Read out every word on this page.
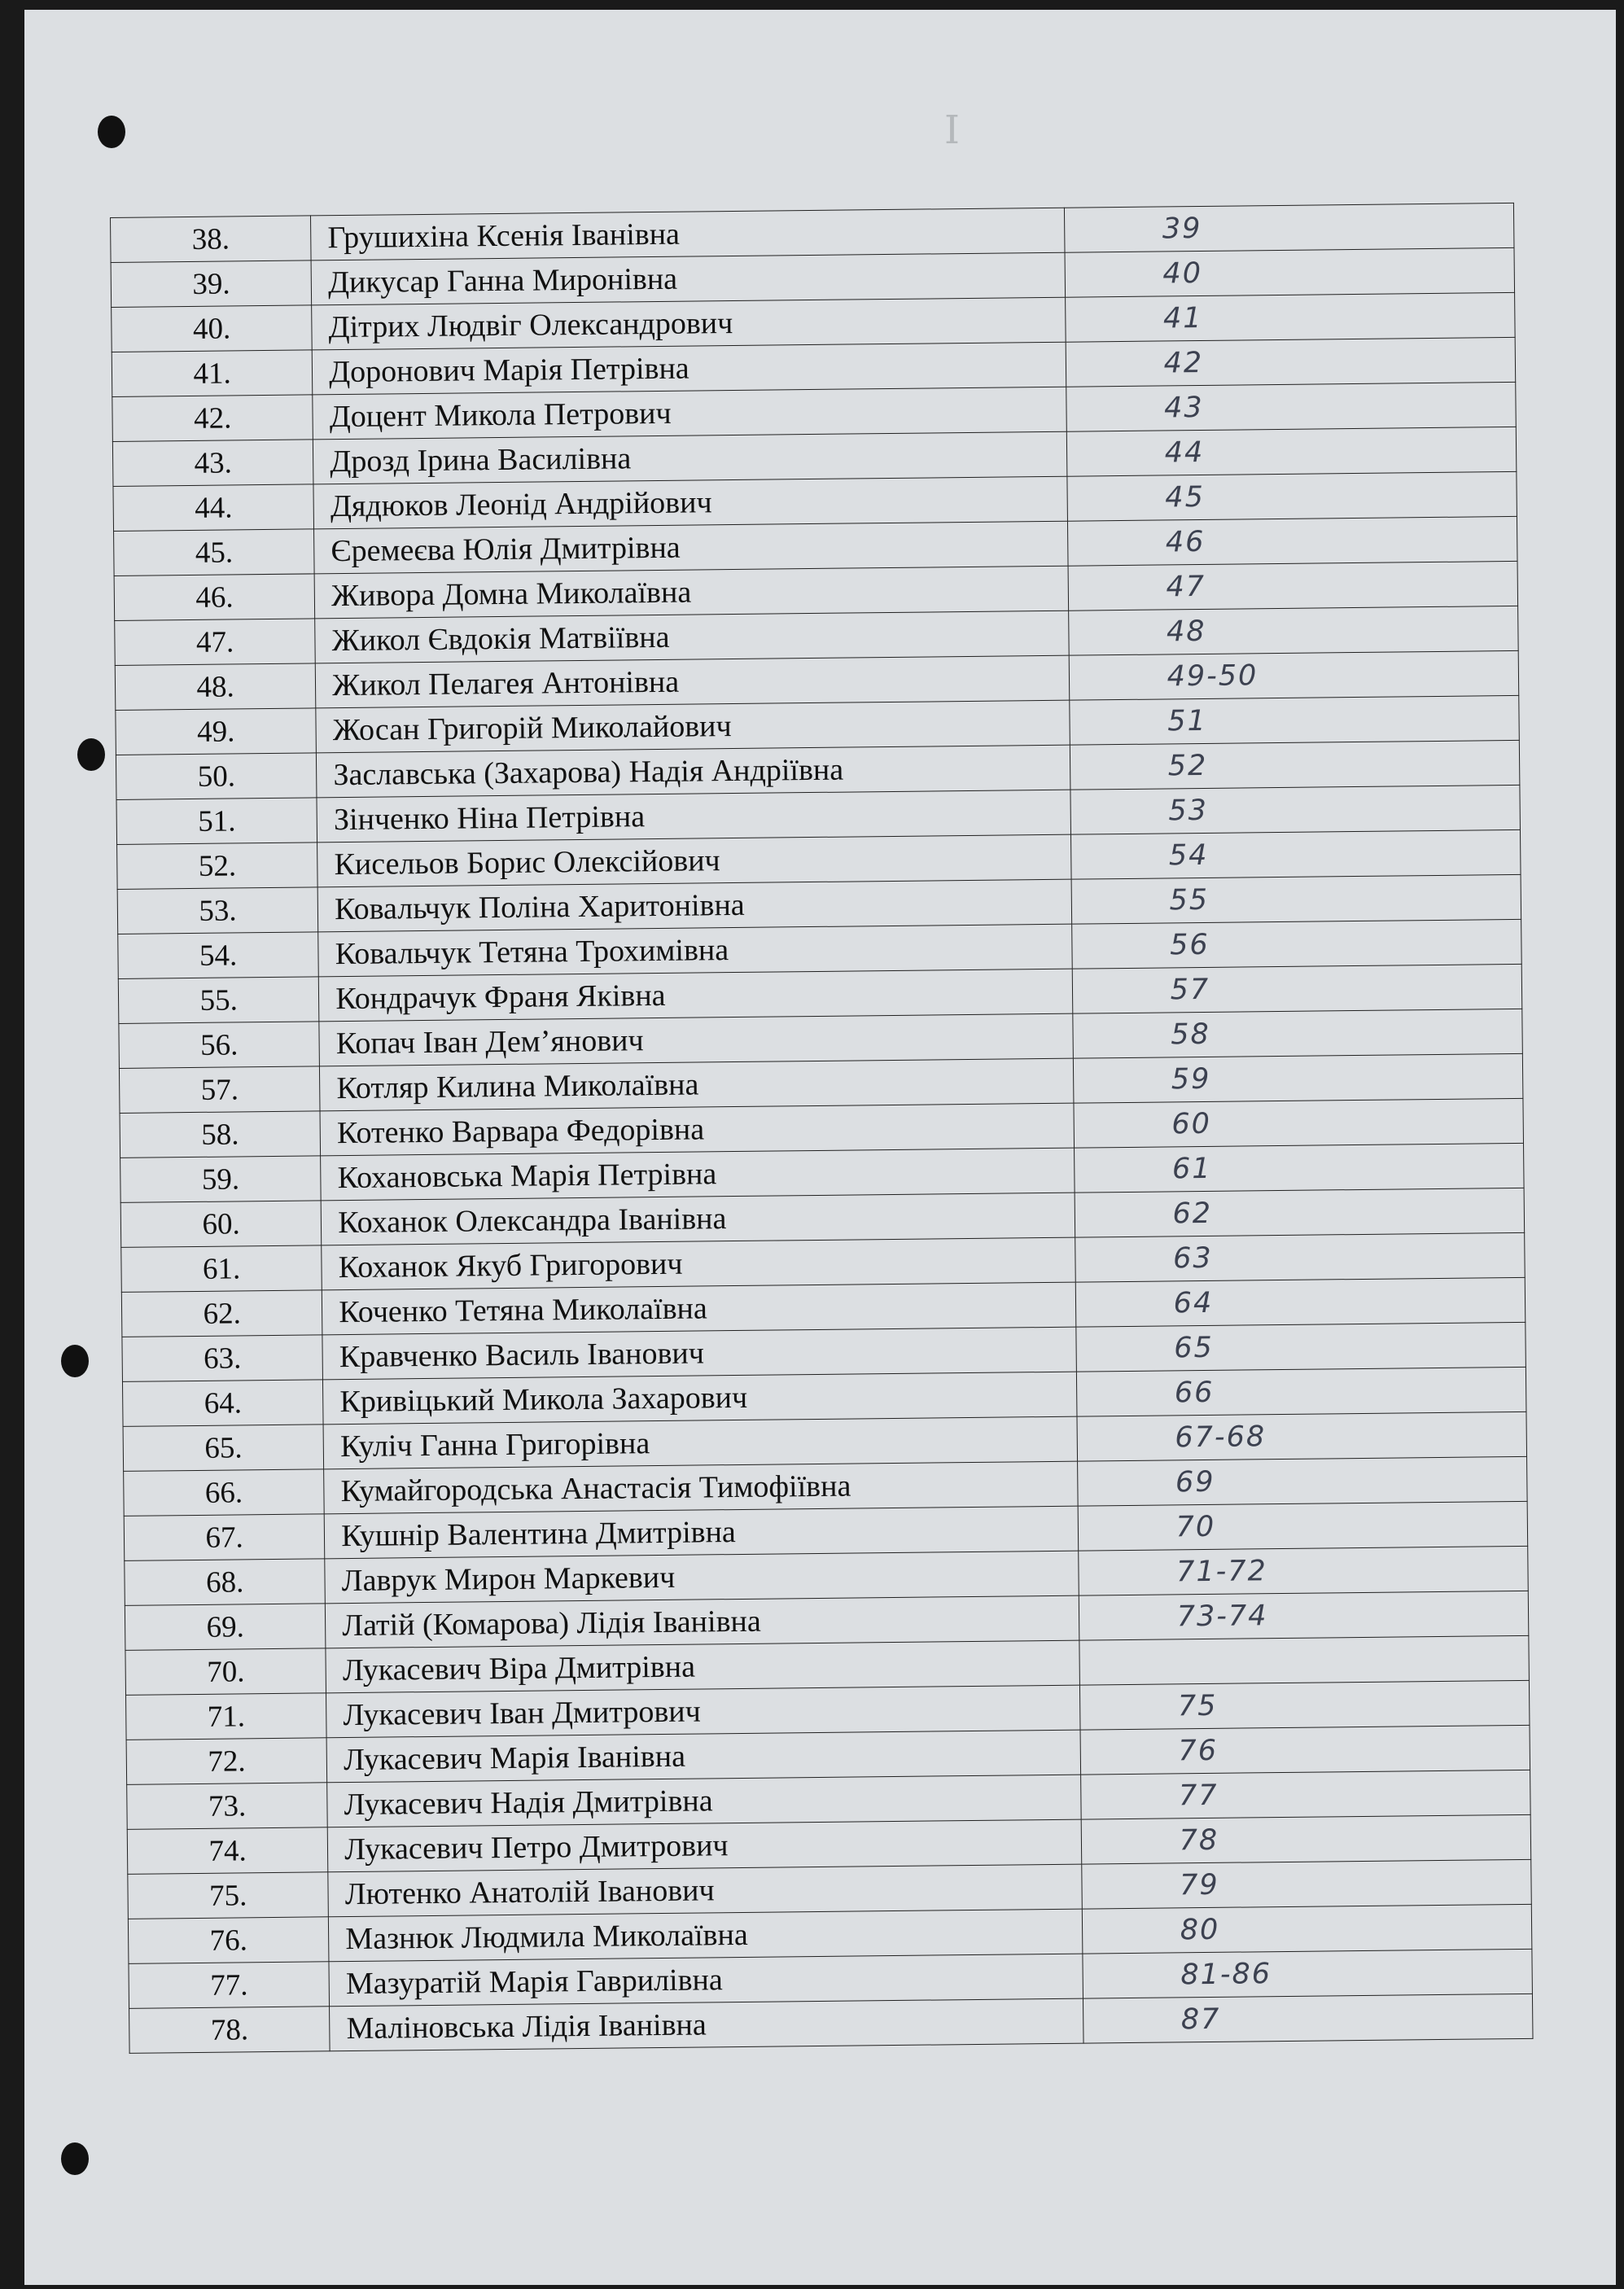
I
38.	Грушихіна Ксенія Іванівна	39
39.	Дикусар Ганна Миронівна	40
40.	Дітрих Людвіг Олександрович	41
41.	Доронович Марія Петрівна	42
42.	Доцент Микола Петрович	43
43.	Дрозд Ірина Василівна	44
44.	Дядюков Леонід Андрійович	45
45.	Єремеєва Юлія Дмитрівна	46
46.	Живора Домна Миколаївна	47
47.	Жикол Євдокія Матвіївна	48
48.	Жикол Пелагея Антонівна	49-50
49.	Жосан Григорій Миколайович	51
50.	Заславська (Захарова) Надія Андріївна	52
51.	Зінченко Ніна Петрівна	53
52.	Кисельов Борис Олексійович	54
53.	Ковальчук Поліна Харитонівна	55
54.	Ковальчук Тетяна Трохимівна	56
55.	Кондрачук Франя Яківна	57
56.	Копач Іван Дем’янович	58
57.	Котляр Килина Миколаївна	59
58.	Котенко Варвара Федорівна	60
59.	Кохановська Марія Петрівна	61
60.	Коханок Олександра Іванівна	62
61.	Коханок Якуб Григорович	63
62.	Коченко Тетяна Миколаївна	64
63.	Кравченко Василь Іванович	65
64.	Кривіцький Микола Захарович	66
65.	Куліч Ганна Григорівна	67-68
66.	Кумайгородська Анастасія Тимофіївна	69
67.	Кушнір Валентина Дмитрівна	70
68.	Лаврук Мирон Маркевич	71-72
69.	Латій (Комарова) Лідія Іванівна	73-74
70.	Лукасевич Віра Дмитрівна	
71.	Лукасевич Іван Дмитрович	75
72.	Лукасевич Марія Іванівна	76
73.	Лукасевич Надія Дмитрівна	77
74.	Лукасевич Петро Дмитрович	78
75.	Лютенко Анатолій Іванович	79
76.	Мазнюк Людмила Миколаївна	80
77.	Мазуратій Марія Гаврилівна	81-86
78.	Маліновська Лідія Іванівна	87
